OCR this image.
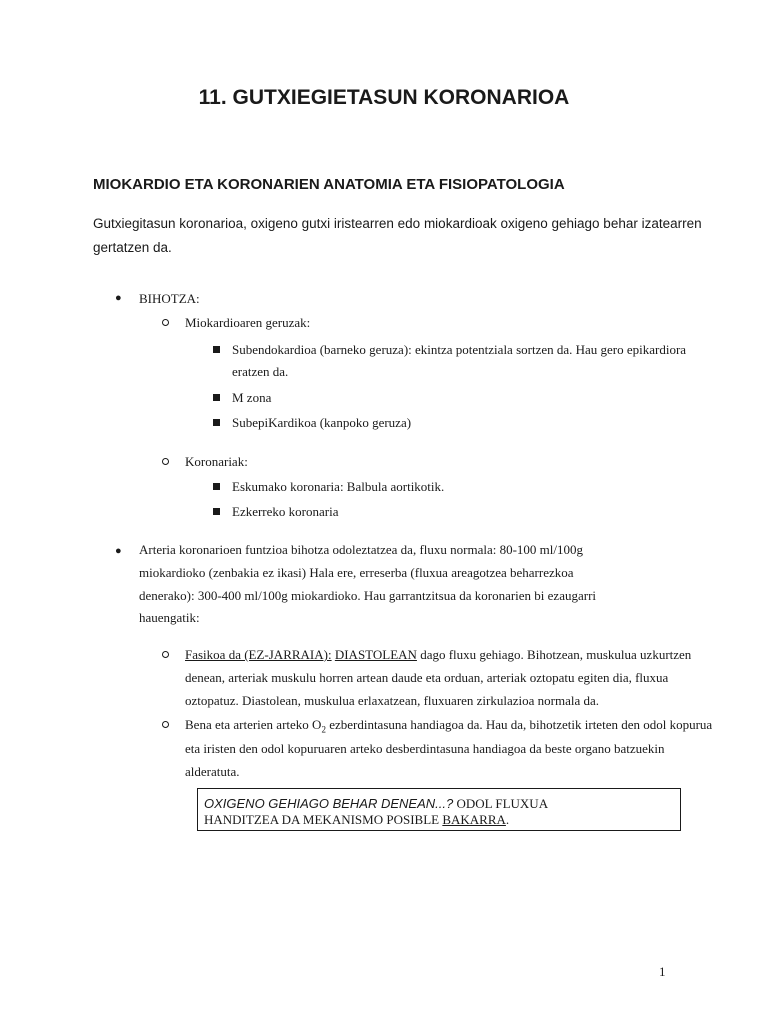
11. GUTXIEGIETASUN KORONARIOA
MIOKARDIO ETA KORONARIEN ANATOMIA ETA FISIOPATOLOGIA
Gutxiegitasun koronarioa, oxigeno gutxi iristearren edo miokardioak oxigeno gehiago behar izatearren
gertatzen da.
● BIHOTZA:
Miokardioaren geruzak:
Subendokardioa (barneko geruza): ekintza potentziala sortzen da. Hau gero epikardiora
eratzen da.
M zona
SubepiKardikoa (kanpoko geruza)
Koronariak:
Eskumako koronaria: Balbula aortikotik.
Ezkerreko koronaria
● Arteria koronarioen funtzioa bihotza odoleztatzea da, fluxu normala: 80-100 ml/100g
miokardioko (zenbakia ez ikasi) Hala ere, erreserba (fluxua areagotzea beharrezkoa
denerako): 300-400 ml/100g miokardioko. Hau garrantzitsua da koronarien bi ezaugarri
hauengatik:
Fasikoa da (EZ-JARRAIA): DIASTOLEAN dago fluxu gehiago. Bihotzean, muskulua uzkurtzen
denean, arteriak muskulu horren artean daude eta orduan, arteriak oztopatu egiten dia, fluxua
oztopatuz. Diastolean, muskulua erlaxatzean, fluxuaren zirkulazioa normala da.
Bena eta arterien arteko $O_2$ ezberdintasuna handiagoa da. Hau da, bihotzetik irteten den odol kopurua
eta iristen den odol kopuruaren arteko desberdintasuna handiagoa da beste organo batzuekin
alderatuta.
OXIGENO GEHIAGO BEHAR DENEAN...? ODOL FLUXUA
HANDITZEA DA MEKANISMO POSIBLE BAKARRA.
1
